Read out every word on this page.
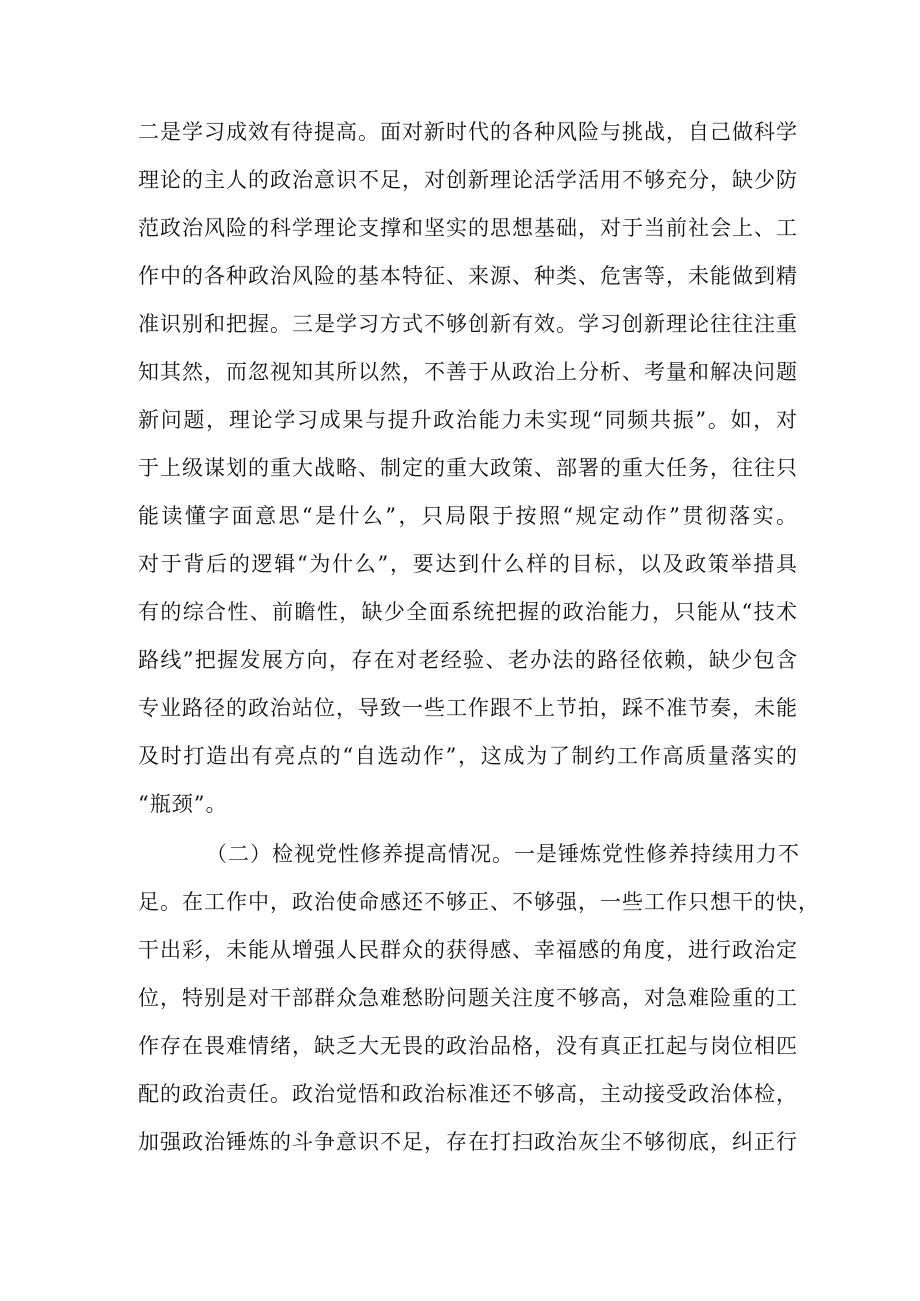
二是学习成效有待提高。面对新时代的各种风险与挑战，自己做科学
理论的主人的政治意识不足，对创新理论活学活用不够充分，缺少防
范政治风险的科学理论支撑和坚实的思想基础，对于当前社会上、工
作中的各种政治风险的基本特征、来源、种类、危害等，未能做到精
准识别和把握。三是学习方式不够创新有效。学习创新理论往往注重
知其然，而忽视知其所以然，不善于从政治上分析、考量和解决问题
新问题，理论学习成果与提升政治能力未实现“同频共振”。如，对
于上级谋划的重大战略、制定的重大政策、部署的重大任务，往往只
能读懂字面意思“是什么”，只局限于按照“规定动作”贯彻落实。
对于背后的逻辑“为什么”，要达到什么样的目标，以及政策举措具
有的综合性、前瞻性，缺少全面系统把握的政治能力，只能从“技术
路线”把握发展方向，存在对老经验、老办法的路径依赖，缺少包含
专业路径的政治站位，导致一些工作跟不上节拍，踩不准节奏，未能
及时打造出有亮点的“自选动作”，这成为了制约工作高质量落实的
“瓶颈”。
（二）检视党性修养提高情况。一是锤炼党性修养持续用力不
足。在工作中，政治使命感还不够正、不够强，一些工作只想干的快，
干出彩，未能从增强人民群众的获得感、幸福感的角度，进行政治定
位，特别是对干部群众急难愁盼问题关注度不够高，对急难险重的工
作存在畏难情绪，缺乏大无畏的政治品格，没有真正扛起与岗位相匹
配的政治责任。政治觉悟和政治标准还不够高，主动接受政治体检，
加强政治锤炼的斗争意识不足，存在打扫政治灰尘不够彻底，纠正行
